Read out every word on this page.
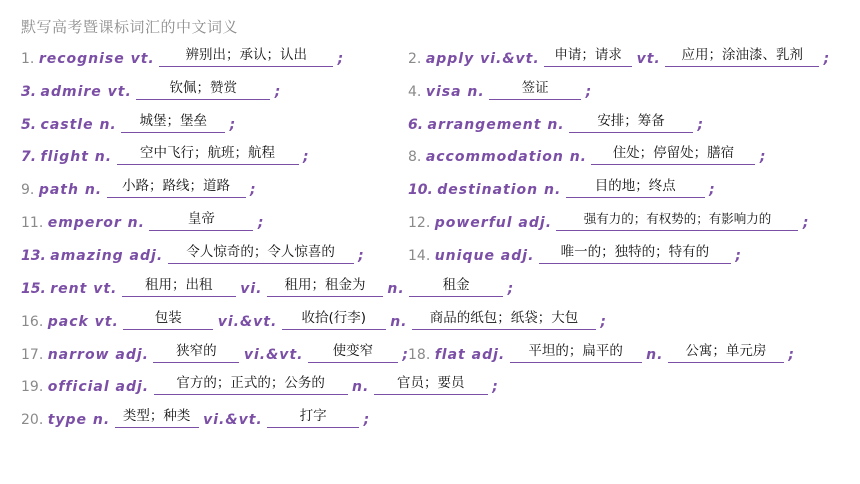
默写高考暨课标词汇的中文词义
1. recognise vt. 辨别出；承认；认出 ;	2. apply vi.&vt. 申请；请求 vt. 应用；涂油漆、乳剂 ;
3. admire vt.	钦佩；赞赏	;	4. visa n.	签证	;
5. castle n. 城堡；堡垒 ;	6. arrangement n. 安排；筹备 ;
7. flight n. 空中飞行；航班；航程 ;	8. accommodation n. 住处；停留处；膳宿 ;
9. path n. 小路；路线；道路 ;	10. destination n. 目的地；终点 ;
11. emperor n.	皇帝	;	12. powerful adj.	强有力的；有权势的；有影响力的 ;
13. amazing adj. 令人惊奇的；令人惊喜的 ;	14. unique adj. 唯一的；独特的；特有的 ;
15. rent vt. 租用；出租 vi. 租用；租金为 n.	租金	;
16. pack vt.	包装	vi.&vt. 收拾(行李) n. 商品的纸包；纸袋；大包 ;
17. narrow adj. 狭窄的 vi.&vt. 使变窄 ; 18. flat adj. 平坦的；扁平的 n. 公寓；单元房 ;
19. official adj. 官方的；正式的；公务的 n. 官员；要员 ;
20. type n. 类型；种类 vi.&vt.	打字	;
